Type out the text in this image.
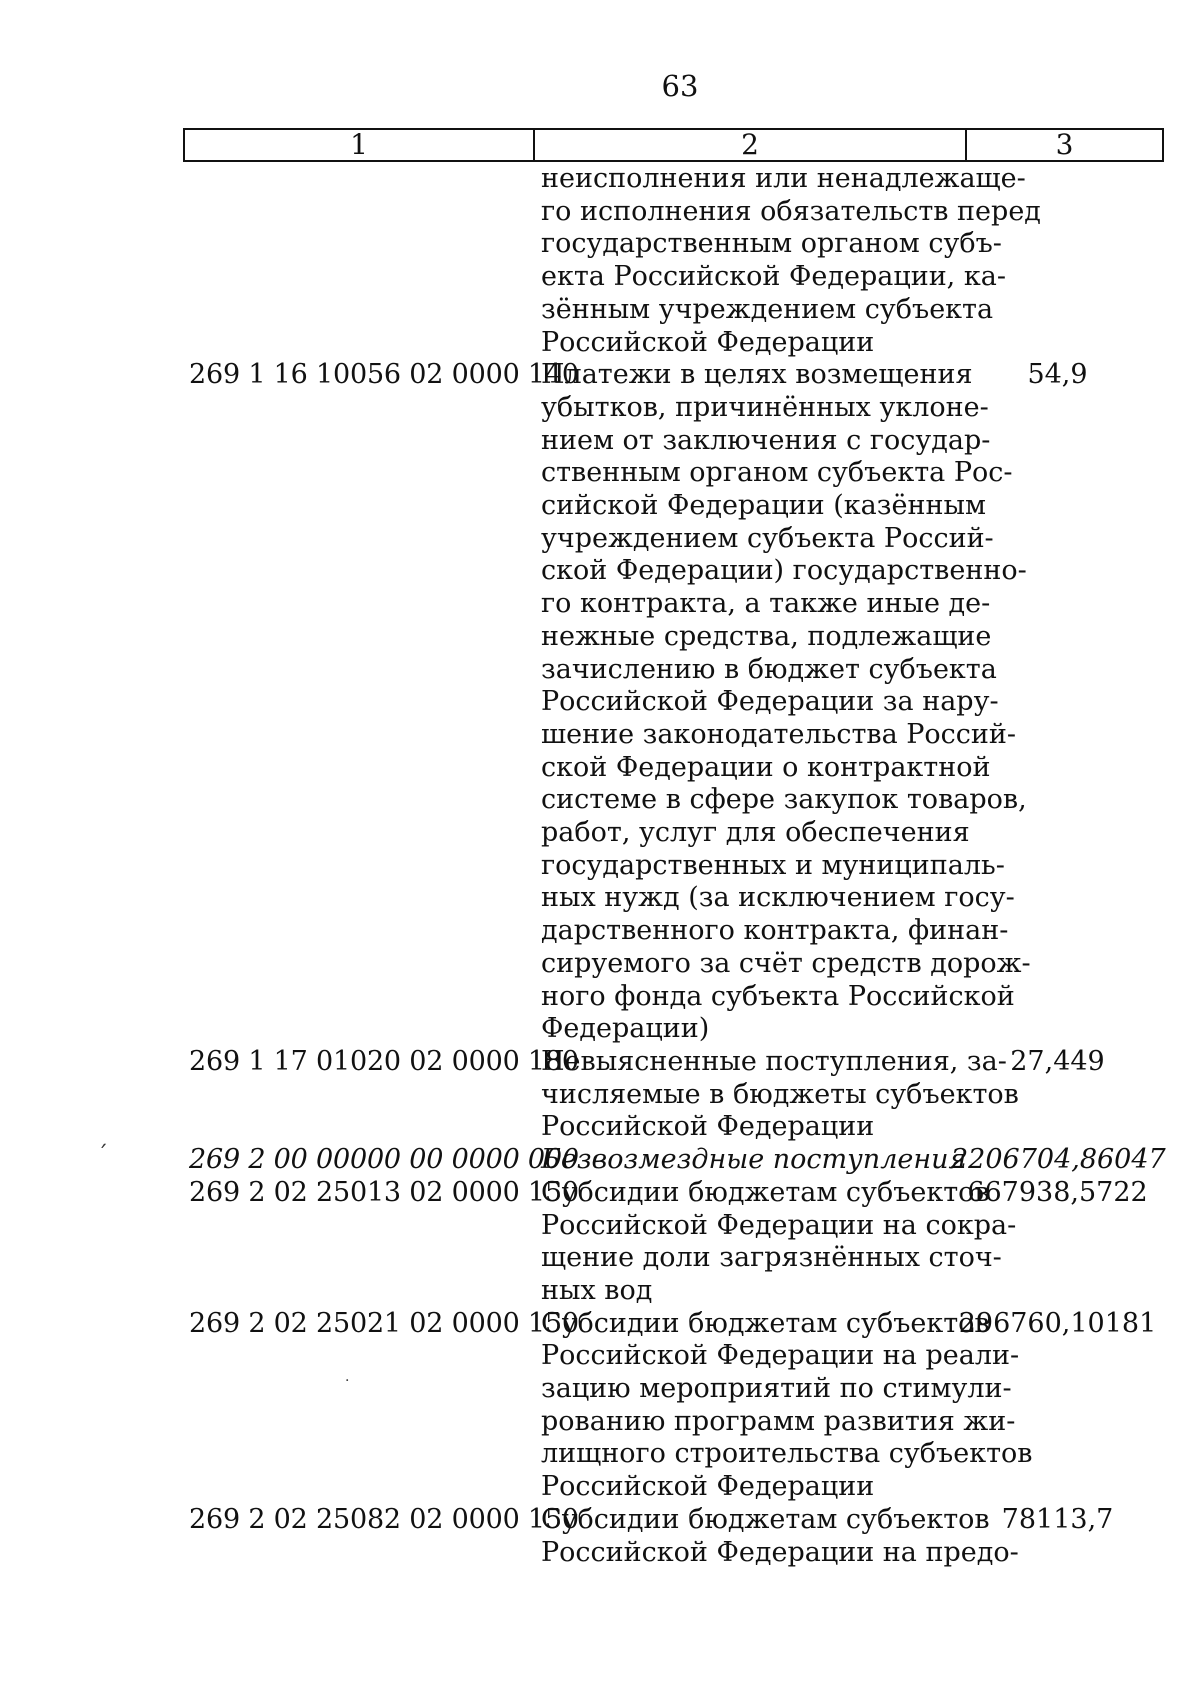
63
1	2	3
неисполнения или ненадлежаще-
го исполнения обязательств перед
государственным органом субъ-
екта Российской Федерации, ка-
зённым учреждением субъекта
Российской Федерации
269 1 16 10056 02 0000 140
Платежи в целях возмещения
убытков, причинённых уклоне-
нием от заключения с государ-
ственным органом субъекта Рос-
сийской Федерации (казённым
учреждением субъекта Россий-
ской Федерации) государственно-
го контракта, а также иные де-
нежные средства, подлежащие
зачислению в бюджет субъекта
Российской Федерации за нару-
шение законодательства Россий-
ской Федерации о контрактной
системе в сфере закупок товаров,
работ, услуг для обеспечения
государственных и муниципаль-
ных нужд (за исключением госу-
дарственного контракта, финан-
сируемого за счёт средств дорож-
ного фонда субъекта Российской
Федерации)
54,9
269 1 17 01020 02 0000 180
Невыясненные поступления, за-
числяемые в бюджеты субъектов
Российской Федерации
27,449
269 2 00 00000 00 0000 000
Безвозмездные поступления
2206704,86047
269 2 02 25013 02 0000 150
Субсидии бюджетам субъектов
Российской Федерации на сокра-
щение доли загрязнённых сточ-
ных вод
667938,5722
269 2 02 25021 02 0000 150
Субсидии бюджетам субъектов
Российской Федерации на реали-
зацию мероприятий по стимули-
рованию программ развития жи-
лищного строительства субъектов
Российской Федерации
296760,10181
269 2 02 25082 02 0000 150
Субсидии бюджетам субъектов
Российской Федерации на предо-
78113,7
ˊ
·
